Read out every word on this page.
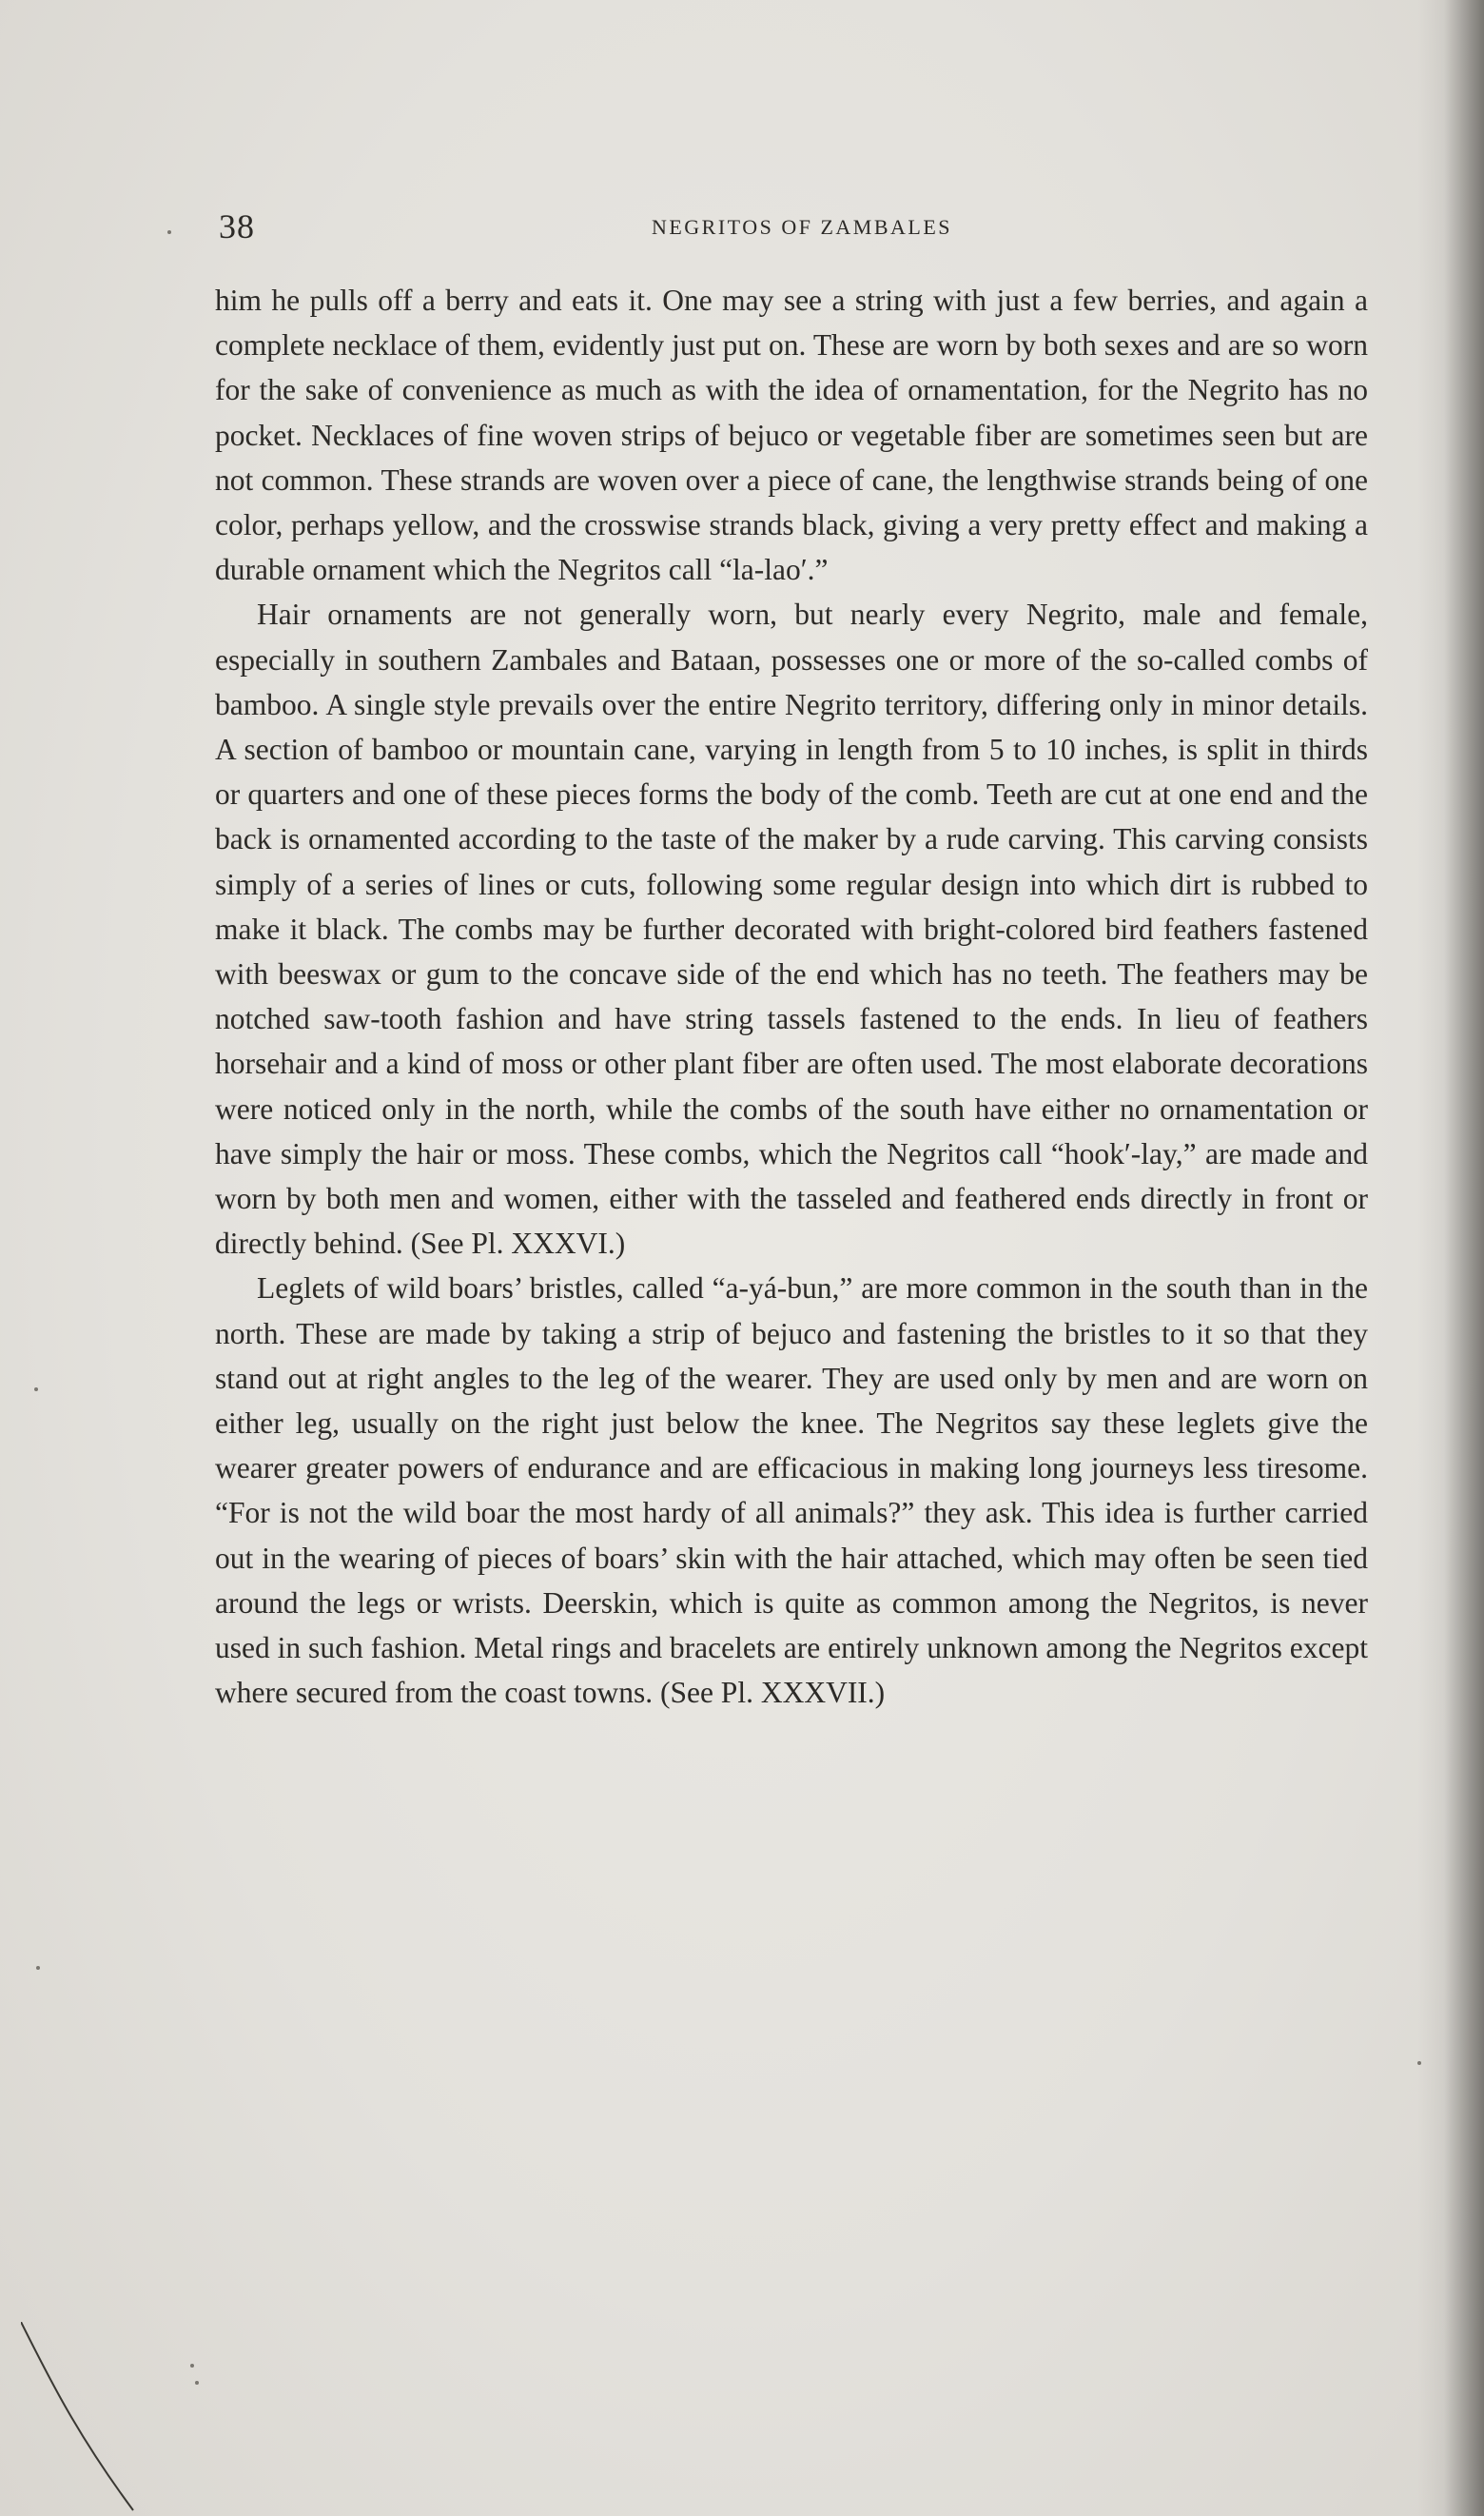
38	NEGRITOS OF ZAMBALES

him he pulls off a berry and eats it. One may see a string with just a few berries, and again a complete necklace of them, evidently just put on. These are worn by both sexes and are so worn for the sake of convenience as much as with the idea of ornamentation, for the Negrito has no pocket. Necklaces of fine woven strips of bejuco or vegetable fiber are sometimes seen but are not common. These strands are woven over a piece of cane, the lengthwise strands being of one color, perhaps yellow, and the crosswise strands black, giving a very pretty effect and making a durable ornament which the Negritos call “la-lao′.”

Hair ornaments are not generally worn, but nearly every Negrito, male and female, especially in southern Zambales and Bataan, possesses one or more of the so-called combs of bamboo. A single style prevails over the entire Negrito territory, differing only in minor details. A section of bamboo or mountain cane, varying in length from 5 to 10 inches, is split in thirds or quarters and one of these pieces forms the body of the comb. Teeth are cut at one end and the back is ornamented according to the taste of the maker by a rude carving. This carving consists simply of a series of lines or cuts, following some regular design into which dirt is rubbed to make it black. The combs may be further decorated with bright-colored bird feathers fastened with beeswax or gum to the concave side of the end which has no teeth. The feathers may be notched saw-tooth fashion and have string tassels fastened to the ends. In lieu of feathers horsehair and a kind of moss or other plant fiber are often used. The most elaborate decorations were noticed only in the north, while the combs of the south have either no ornamentation or have simply the hair or moss. These combs, which the Negritos call “hook′-lay,” are made and worn by both men and women, either with the tasseled and feathered ends directly in front or directly behind. (See Pl. XXXVI.)

Leglets of wild boars’ bristles, called “a-yá-bun,” are more common in the south than in the north. These are made by taking a strip of bejuco and fastening the bristles to it so that they stand out at right angles to the leg of the wearer. They are used only by men and are worn on either leg, usually on the right just below the knee. The Negritos say these leglets give the wearer greater powers of endurance and are efficacious in making long journeys less tiresome. “For is not the wild boar the most hardy of all animals?” they ask. This idea is further carried out in the wearing of pieces of boars’ skin with the hair attached, which may often be seen tied around the legs or wrists. Deerskin, which is quite as common among the Negritos, is never used in such fashion. Metal rings and bracelets are entirely unknown among the Negritos except where secured from the coast towns. (See Pl. XXXVII.)
